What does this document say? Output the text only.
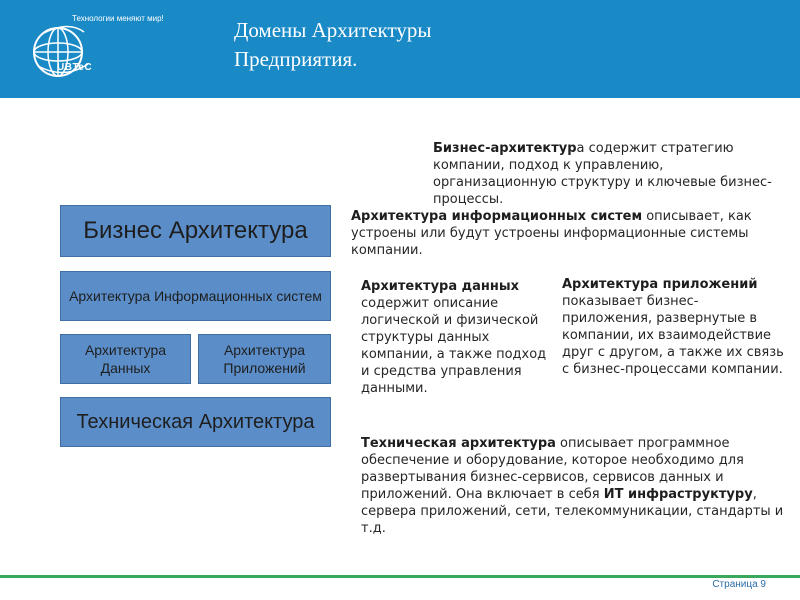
Технологии меняют мир!
UBTeC
Домены Архитектуры
Предприятия.
Бизнес Архитектура
Архитектура Информационных систем
Архитектура Данных
Архитектура Приложений
Техническая Архитектура
Бизнес-архитектура содержит стратегию компании, подход к управлению, организационную структуру и ключевые бизнес- процессы.
Архитектура информационных систем описывает, как устроены или будут устроены информационные системы компании.
Архитектура данных содержит описание логической и физической структуры данных компании, а также подход и средства управления данными.
Архитектура приложений показывает бизнес-приложения, развернутые в компании, их взаимодействие друг с другом, а также их связь с бизнес-процессами компании.
Техническая архитектура описывает программное обеспечение и оборудование, которое необходимо для развертывания бизнес-сервисов, сервисов данных и приложений. Она включает в себя ИТ инфраструктуру, сервера приложений, сети, телекоммуникации, стандарты и т.д.
Страница 9
